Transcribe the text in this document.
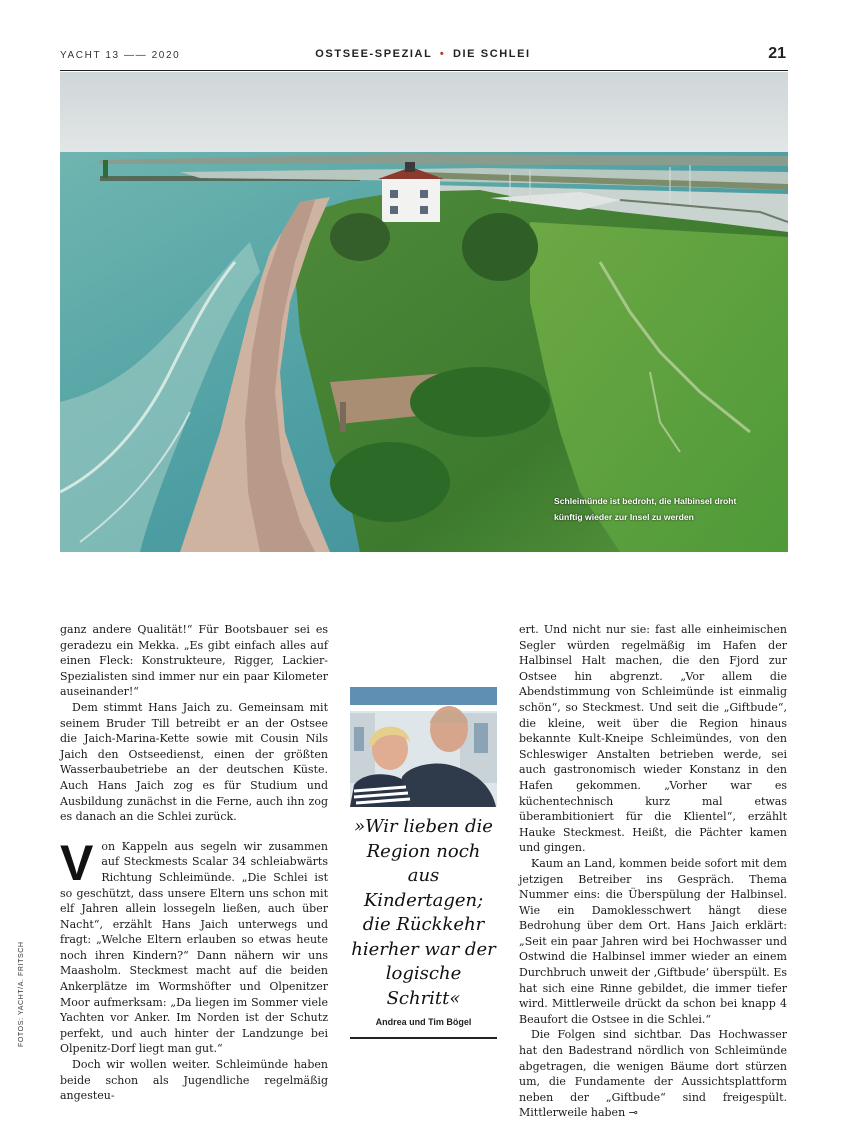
YACHT 13 —— 2020	OSTSEE-SPEZIAL • DIE SCHLEI	21
Schleimünde ist bedroht, die Halbinsel droht künftig wieder zur Insel zu werden

ganz andere Qualität!“ Für Bootsbauer sei es geradezu ein Mekka. „Es gibt einfach alles auf einen Fleck: Konstrukteure, Rigger, Lackier-Spezialisten sind immer nur ein paar Kilometer auseinander!“

Dem stimmt Hans Jaich zu. Gemeinsam mit seinem Bruder Till betreibt er an der Ostsee die Jaich-Marina-Kette sowie mit Cousin Nils Jaich den Ostseedienst, einen der größten Wasserbaubetriebe an der deutschen Küste. Auch Hans Jaich zog es für Studium und Ausbildung zunächst in die Ferne, auch ihn zog es danach an die Schlei zurück.

Von Kappeln aus segeln wir zusammen auf Steckmests Scalar 34 schleiabwärts Richtung Schleimünde. „Die Schlei ist so geschützt, dass unsere Eltern uns schon mit elf Jahren allein lossegeln ließen, auch über Nacht“, erzählt Hans Jaich unterwegs und fragt: „Welche Eltern erlauben so etwas heute noch ihren Kindern?“ Dann nähern wir uns Maasholm. Steckmest macht auf die beiden Ankerplätze im Wormshöfter und Olpenitzer Moor aufmerksam: „Da liegen im Sommer viele Yachten vor Anker. Im Norden ist der Schutz perfekt, und auch hinter der Landzunge bei Olpenitz-Dorf liegt man gut.“

Doch wir wollen weiter. Schleimünde haben beide schon als Jugendliche regelmäßig angesteu-

»Wir lieben die Region noch aus Kindertagen; die Rückkehr hierher war der logische Schritt«
Andrea und Tim Bögel

ert. Und nicht nur sie: fast alle einheimischen Segler würden regelmäßig im Hafen der Halbinsel Halt machen, die den Fjord zur Ostsee hin abgrenzt. „Vor allem die Abendstimmung von Schleimünde ist einmalig schön“, so Steckmest. Und seit die „Giftbude“, die kleine, weit über die Region hinaus bekannte Kult-Kneipe Schleimündes, von den Schleswiger Anstalten betrieben werde, sei auch gastronomisch wieder Konstanz in den Hafen gekommen. „Vorher war es küchentechnisch kurz mal etwas überambitioniert für die Klientel“, erzählt Hauke Steckmest. Heißt, die Pächter kamen und gingen.

Kaum an Land, kommen beide sofort mit dem jetzigen Betreiber ins Gespräch. Thema Nummer eins: die Überspülung der Halbinsel. Wie ein Damoklesschwert hängt diese Bedrohung über dem Ort. Hans Jaich erklärt: „Seit ein paar Jahren wird bei Hochwasser und Ostwind die Halbinsel immer wieder an einem Durchbruch unweit der ‚Giftbude‘ überspült. Es hat sich eine Rinne gebildet, die immer tiefer wird. Mittlerweile drückt da schon bei knapp 4 Beaufort die Ostsee in die Schlei.“

Die Folgen sind sichtbar. Das Hochwasser hat den Badestrand nördlich von Schleimünde abgetragen, die wenigen Bäume dort stürzen um, die Fundamente der Aussichtsplattform neben der „Giftbude“ sind freigespült. Mittlerweile haben ⊸

FOTOS: YACHT/A. FRITSCH
